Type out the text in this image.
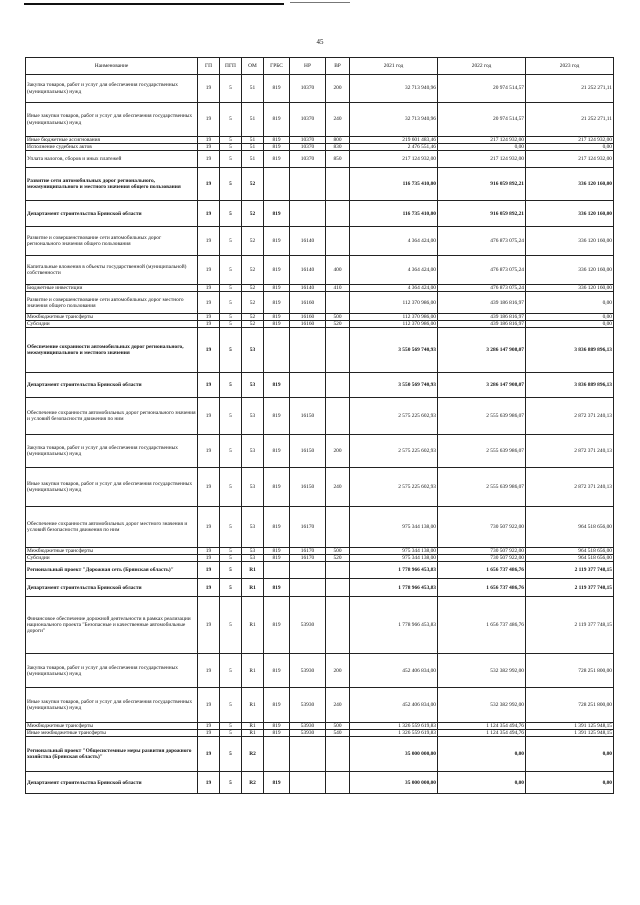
45
Наименование	ГП	ПГП	ОМ	ГРБС	НР	ВР	2021 год	2022 год	2023 год
Закупка товаров, работ и услуг для обеспечения государственных (муниципальных) нужд	19	5	51	819	10370	200	32 713 940,96	20 974 514,57	21 252 271,11
Иные закупки товаров, работ и услуг для обеспечения государственных (муниципальных) нужд	19	5	51	819	10370	240	32 713 940,96	20 974 514,57	21 252 271,11
Иные бюджетные ассигнования	19	5	51	819	10370	800	219 601 483,46	217 124 932,00	217 124 932,00
Исполнение судебных актов	19	5	51	819	10370	830	2 476 551,46	0,00	0,00
Уплата налогов, сборов и иных платежей	19	5	51	819	10370	850	217 124 932,00	217 124 932,00	217 124 932,00
Развитие сети автомобильных дорог регионального, межмуниципального и местного значения общего пользования	19	5	52				116 735 410,00	916 059 892,21	336 120 160,00
Департамент строительства Брянской области	19	5	52	819			116 735 410,00	916 059 892,21	336 120 160,00
Развитие и совершенствование сети автомобильных дорог регионального значения общего пользования	19	5	52	819	16140		4 364 424,00	476 873 075,24	336 120 160,00
Капитальные вложения в объекты государственной (муниципальной) собственности	19	5	52	819	16140	400	4 364 424,00	476 873 075,24	336 120 160,00
Бюджетные инвестиции	19	5	52	819	16140	410	4 364 424,00	476 873 075,24	336 120 160,00
Развитие и совершенствование сети автомобильных дорог местного значения общего пользования	19	5	52	819	16160		112 370 986,00	439 186 816,97	0,00
Межбюджетные трансферты	19	5	52	819	16160	500	112 370 986,00	439 186 816,97	0,00
Субсидии	19	5	52	819	16160	520	112 370 986,00	439 186 816,97	0,00
Обеспечение сохранности автомобильных дорог регионального, межмуниципального и местного значения	19	5	53				3 550 569 740,93	3 286 147 908,07	3 836 889 896,13
Департамент строительства Брянской области	19	5	53	819			3 550 569 740,93	3 286 147 908,07	3 836 889 896,13
Обеспечение сохранности автомобильных дорог регионального значения и условий безопасности движения по ним	19	5	53	819	16150		2 575 225 602,93	2 555 639 986,07	2 872 371 240,13
Закупка товаров, работ и услуг для обеспечения государственных (муниципальных) нужд	19	5	53	819	16150	200	2 575 225 602,93	2 555 639 986,07	2 872 371 240,13
Иные закупки товаров, работ и услуг для обеспечения государственных (муниципальных) нужд	19	5	53	819	16150	240	2 575 225 602,93	2 555 639 986,07	2 872 371 240,13
Обеспечение сохранности автомобильных дорог местного значения и условий безопасности движения по ним	19	5	53	819	16170		975 344 138,00	730 507 922,00	964 518 656,00
Межбюджетные трансферты	19	5	53	819	16170	500	975 344 138,00	730 507 922,00	964 518 656,00
Субсидии	19	5	53	819	16170	520	975 344 138,00	730 507 922,00	964 518 656,00
Региональный проект "Дорожная сеть (Брянская область)"	19	5	R1				1 778 966 453,83	1 656 737 486,76	2 119 377 748,15
Департамент строительства Брянской области	19	5	R1	819			1 778 966 453,83	1 656 737 486,76	2 119 377 748,15
Финансовое обеспечение дорожной деятельности в рамках реализации национального проекта "Безопасные и качественные автомобильные дороги"	19	5	R1	819	53930		1 778 966 453,83	1 656 737 486,76	2 119 377 748,15
Закупка товаров, работ и услуг для обеспечения государственных (муниципальных) нужд	19	5	R1	819	53930	200	452 406 834,00	532 382 992,00	728 251 800,00
Иные закупки товаров, работ и услуг для обеспечения государственных (муниципальных) нужд	19	5	R1	819	53930	240	452 406 834,00	532 382 992,00	728 251 800,00
Межбюджетные трансферты	19	5	R1	819	53930	500	1 326 559 619,83	1 124 354 494,76	1 391 125 948,15
Иные межбюджетные трансферты	19	5	R1	819	53930	540	1 326 559 619,83	1 124 354 494,76	1 391 125 948,15
Региональный проект "Общесистемные меры развития дорожного хозяйства (Брянская область)"	19	5	R2				35 000 000,00	0,00	0,00
Департамент строительства Брянской области	19	5	R2	819			35 000 000,00	0,00	0,00
